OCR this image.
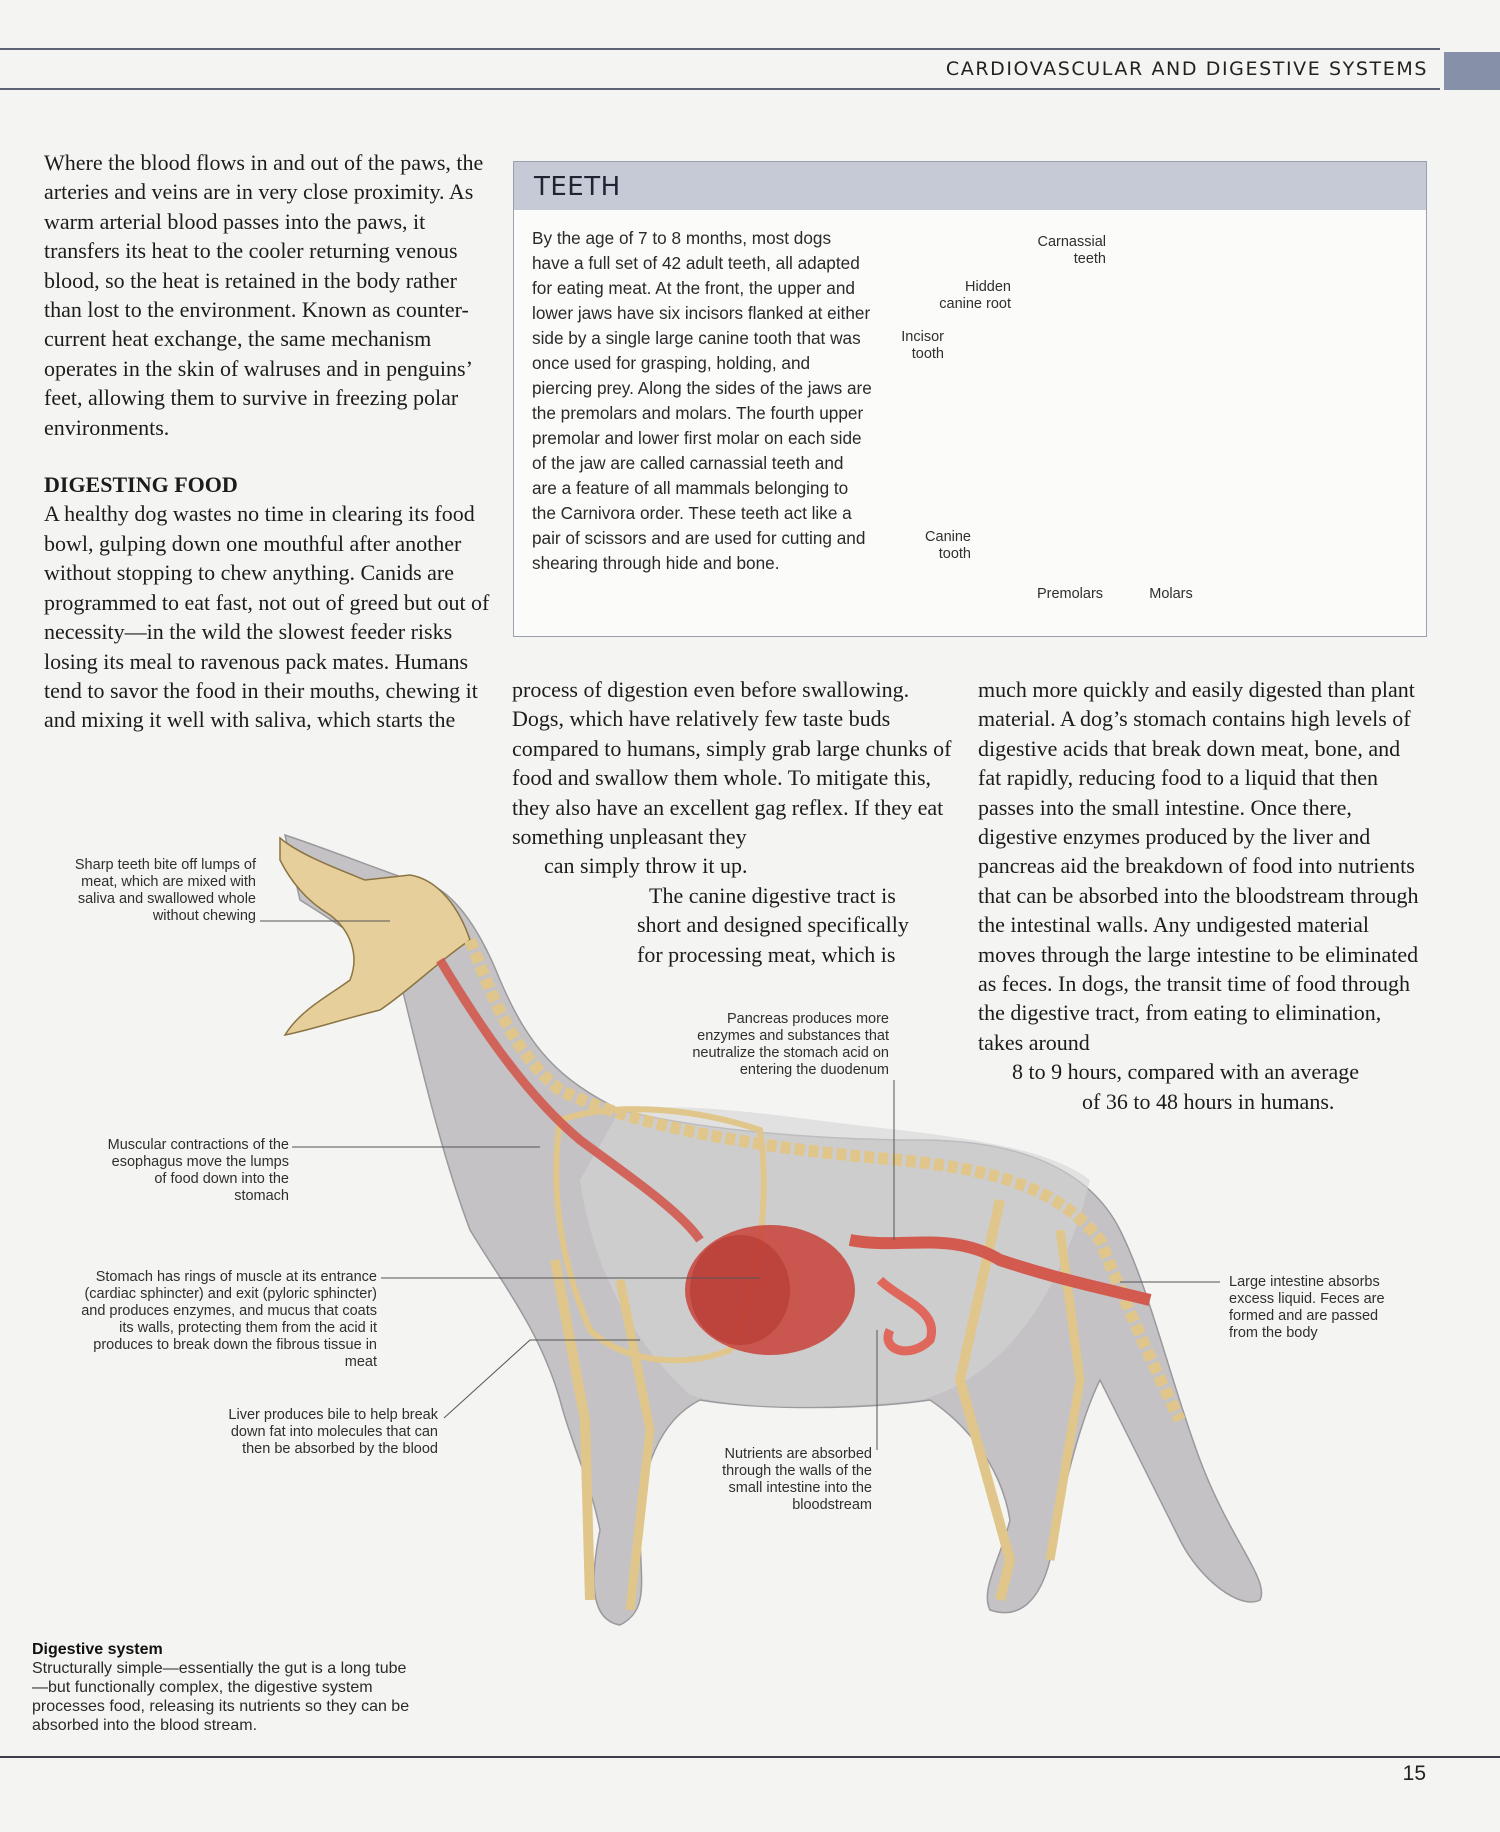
CARDIOVASCULAR AND DIGESTIVE SYSTEMS

Where the blood flows in and out of the paws, the arteries and veins are in very close proximity. As warm arterial blood passes into the paws, it transfers its heat to the cooler returning venous blood, so the heat is retained in the body rather than lost to the environment. Known as counter-current heat exchange, the same mechanism operates in the skin of walruses and in penguins’ feet, allowing them to survive in freezing polar environments.

DIGESTING FOOD

A healthy dog wastes no time in clearing its food bowl, gulping down one mouthful after another without stopping to chew anything. Canids are programmed to eat fast, not out of greed but out of necessity—in the wild the slowest feeder risks losing its meal to ravenous pack mates. Humans tend to savor the food in their mouths, chewing it and mixing it well with saliva, which starts the

process of digestion even before swallowing. Dogs, which have relatively few taste buds compared to humans, simply grab large chunks of food and swallow them whole. To mitigate this, they also have an excellent gag reflex. If they eat something unpleasant they

can simply throw it up.

The canine digestive tract is short and designed specifically for processing meat, which is

much more quickly and easily digested than plant material. A dog’s stomach contains high levels of digestive acids that break down meat, bone, and fat rapidly, reducing food to a liquid that then passes into the small intestine. Once there, digestive enzymes produced by the liver and pancreas aid the breakdown of food into nutrients that can be absorbed into the bloodstream through the intestinal walls. Any undigested material moves through the large intestine to be eliminated as feces. In dogs, the transit time of food through the digestive tract, from eating to elimination, takes around

8 to 9 hours, compared with an average

of 36 to 48 hours in humans.

TEETH
By the age of 7 to 8 months, most dogs have a full set of 42 adult teeth, all adapted for eating meat. At the front, the upper and lower jaws have six incisors flanked at either side by a single large canine tooth that was once used for grasping, holding, and piercing prey. Along the sides of the jaws are the premolars and molars. The fourth upper premolar and lower first molar on each side of the jaw are called carnassial teeth and are a feature of all mammals belonging to the Carnivora order. These teeth act like a pair of scissors and are used for cutting and shearing through hide and bone.
Carnassial teeth
Hidden canine root
Incisor tooth
Canine tooth
Premolars	Molars
Sharp teeth bite off lumps of meat, which are mixed with saliva and swallowed whole without chewing
Muscular contractions of the esophagus move the lumps of food down into the stomach
Stomach has rings of muscle at its entrance (cardiac sphincter) and exit (pyloric sphincter) and produces enzymes, and mucus that coats its walls, protecting them from the acid it produces to break down the fibrous tissue in meat
Liver produces bile to help break down fat into molecules that can then be absorbed by the blood
Pancreas produces more enzymes and substances that neutralize the stomach acid on entering the duodenum
Nutrients are absorbed through the walls of the small intestine into the bloodstream
Large intestine absorbs excess liquid. Feces are formed and are passed from the body
Digestive system
Structurally simple—essentially the gut is a long tube—but functionally complex, the digestive system processes food, releasing its nutrients so they can be absorbed into the blood stream.
15
